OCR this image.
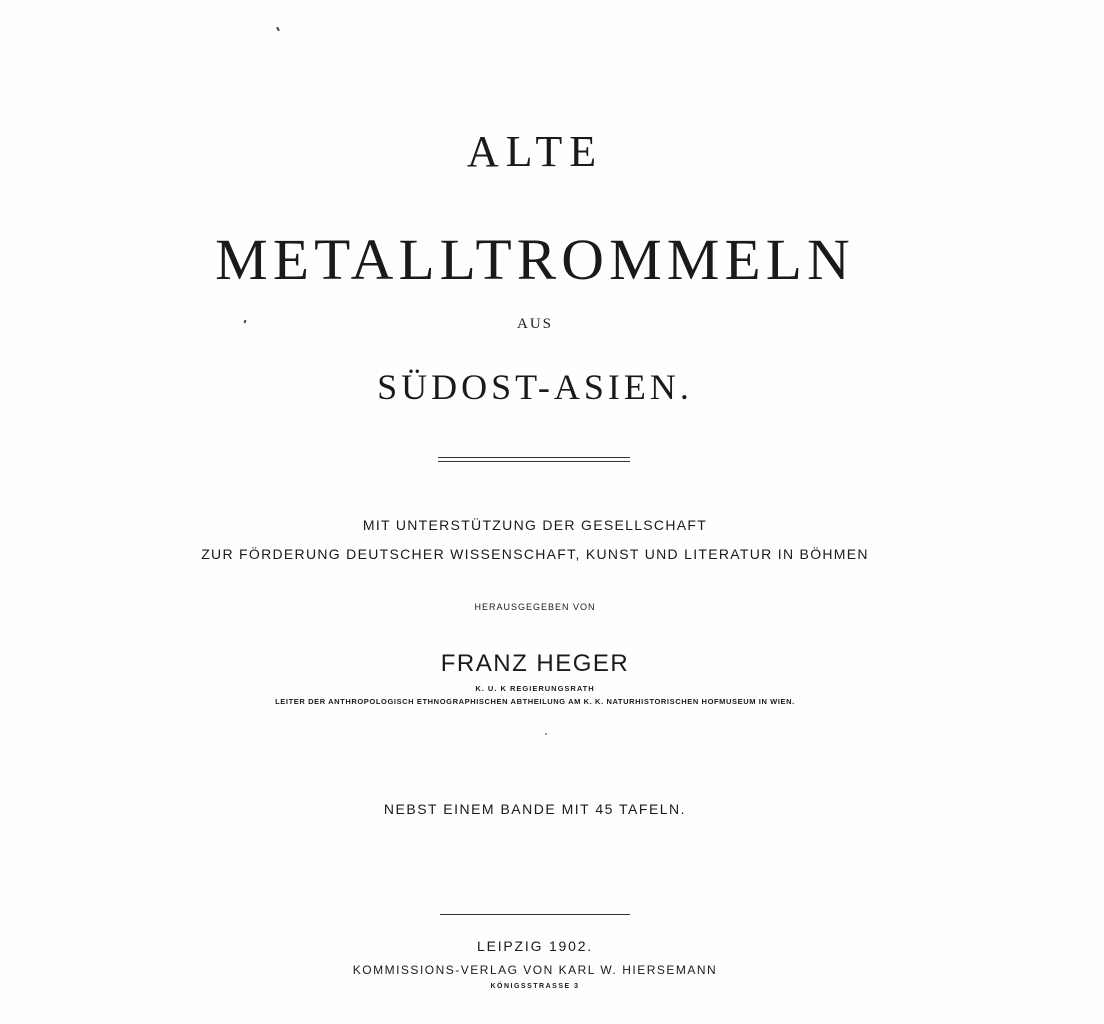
ALTE
METALLTROMMELN
AUS
SÜDOST-ASIEN.
MIT UNTERSTÜTZUNG DER GESELLSCHAFT
ZUR FÖRDERUNG DEUTSCHER WISSENSCHAFT, KUNST UND LITERATUR IN BÖHMEN
HERAUSGEGEBEN VON
FRANZ HEGER
K. U. K REGIERUNGSRATH
LEITER DER ANTHROPOLOGISCH ETHNOGRAPHISCHEN ABTHEILUNG AM K. K. NATURHISTORISCHEN HOFMUSEUM IN WIEN.
NEBST EINEM BANDE MIT 45 TAFELN.
LEIPZIG 1902.
KOMMISSIONS-VERLAG VON KARL W. HIERSEMANN
KÖNIGSSTRASSE 3
